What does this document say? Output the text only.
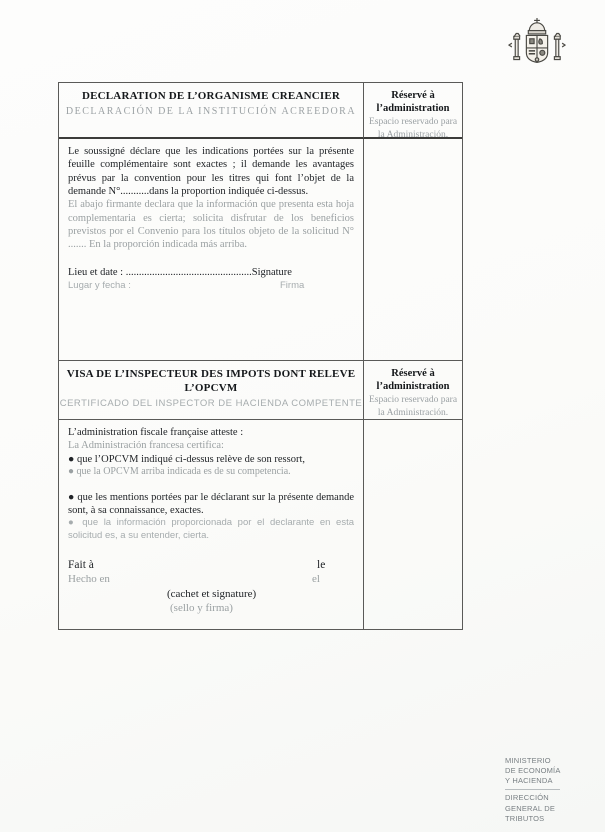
DECLARATION DE L’ORGANISME CREANCIER
DECLARACIÓN DE LA INSTITUCIÓN ACREEDORA
Réservé à l’administration
Espacio reservado para la Administración.

Le soussigné déclare que les indications portées sur la présente feuille complémentaire sont exactes ; il demande les avantages prévus par la convention pour les titres qui font l’objet de la demande N°...........dans la proportion indiquée ci-dessus.

El abajo firmante declara que la información que presenta esta hoja complementaria es cierta; solicita disfrutar de los beneficios previstos por el Convenio para los títulos objeto de la solicitud N° ....... En la proporción indicada más arriba.

Lieu et date : ................................................Signature
Lugar y fecha :	Firma
VISA DE L’INSPECTEUR DES IMPOTS DONT RELEVE L’OPCVM
CERTIFICADO DEL INSPECTOR DE HACIENDA COMPETENTE
Réservé à l’administration
Espacio reservado para la Administración.
L’administration fiscale française atteste :
La Administración francesa certifica:
● que l’OPCVM indiqué ci-dessus relève de son ressort,
● que la OPCVM arriba indicada es de su competencia.
● que les mentions portées par le déclarant sur la présente demande sont, à sa connaissance, exactes.
● que la información proporcionada por el declarante en esta solicitud es, a su entender, cierta.
Fait à	le
Hecho en	el
(cachet et signature)
(sello y firma)
MINISTERIO
DE ECONOMÍA
Y HACIENDA
DIRECCIÓN
GENERAL DE
TRIBUTOS
